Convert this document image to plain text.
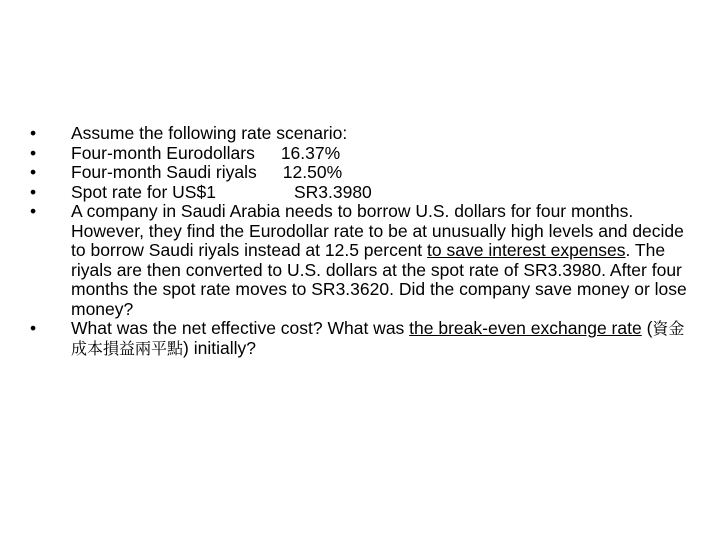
•	Assume the following rate scenario:
•	Four-month Eurodollars 16.37%
•	Four-month Saudi riyals 12.50%
•	Spot rate for US$1	SR3.3980
•	A company in Saudi Arabia needs to borrow U.S. dollars for four months. However, they find the Eurodollar rate to be at unusually high levels and decide to borrow Saudi riyals instead at 12.5 percent to save interest expenses. The riyals are then converted to U.S. dollars at the spot rate of SR3.3980. After four months the spot rate moves to SR3.3620. Did the company save money or lose money?
•	What was the net effective cost? What was the break-even exchange rate (資金成本損益兩平點) initially?
